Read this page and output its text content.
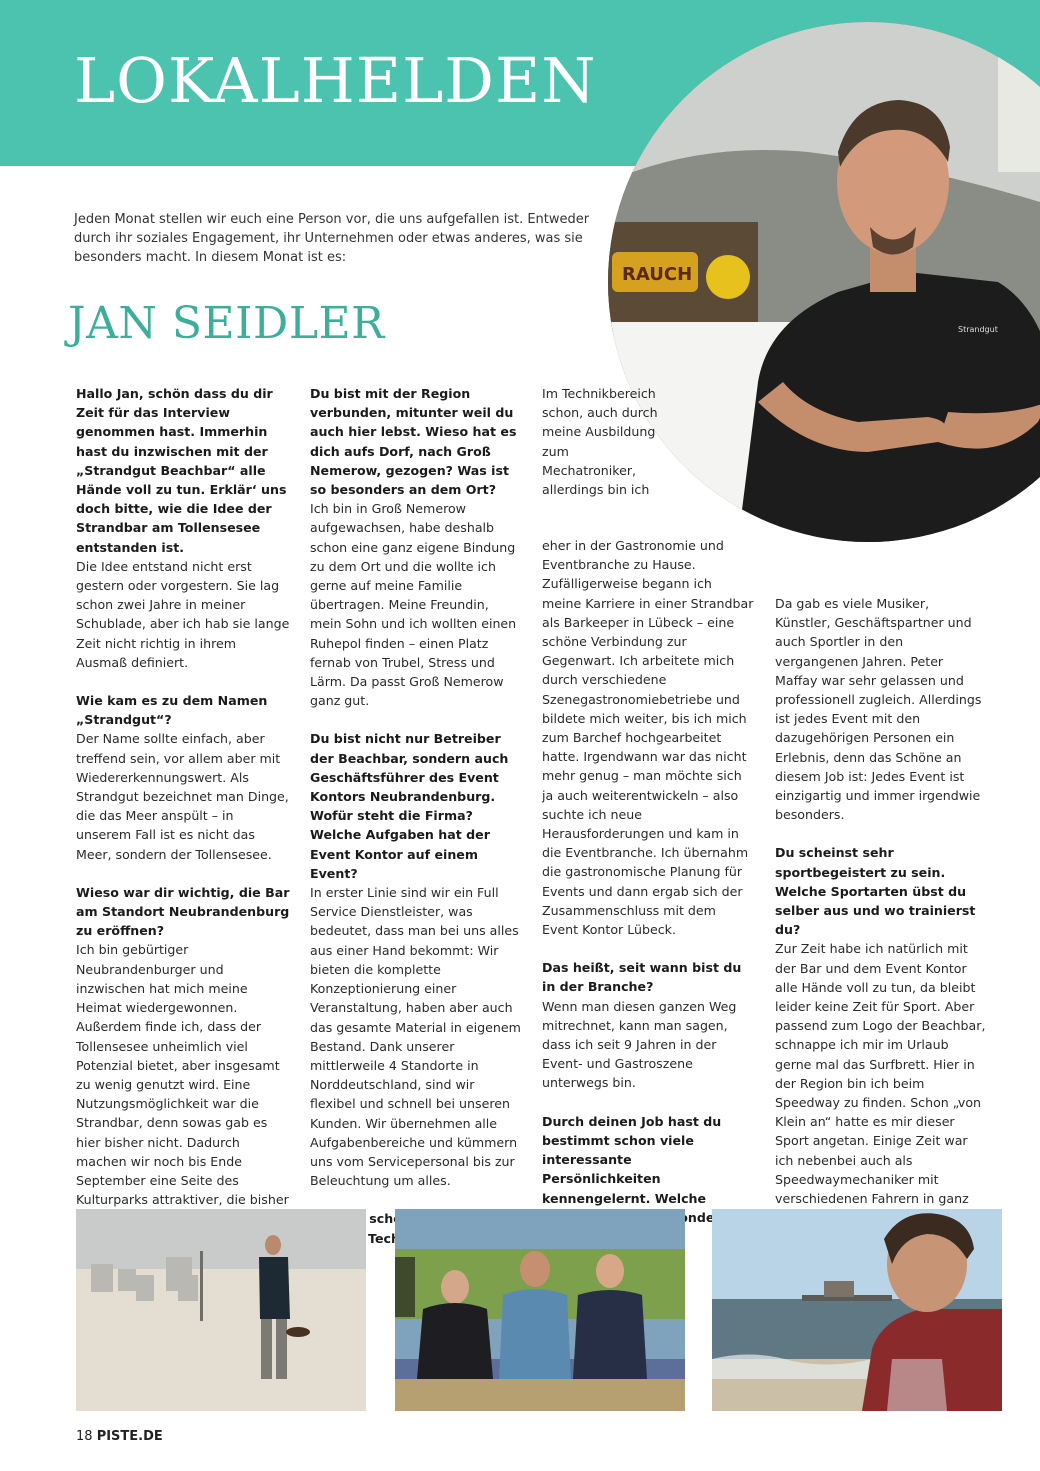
LOKALHELDEN
RAUCH
Strandgut

Jeden Monat stellen wir euch eine Person vor, die uns aufgefallen ist. Entweder durch ihr soziales Engagement, ihr Unternehmen oder etwas anderes, was sie besonders macht. In diesem Monat ist es:

JAN SEIDLER

Hallo Jan, schön dass du dir Zeit für das Interview genommen hast. Immerhin hast du inzwischen mit der „Strandgut Beachbar“ alle Hände voll zu tun. Erklär‘ uns doch bitte, wie die Idee der Strandbar am Tollensesee entstanden ist.

Die Idee entstand nicht erst gestern oder vorgestern. Sie lag schon zwei Jahre in meiner Schublade, aber ich hab sie lange Zeit nicht richtig in ihrem Ausmaß definiert.

Wie kam es zu dem Namen „Strandgut“?

Der Name sollte einfach, aber treffend sein, vor allem aber mit Wiedererkennungswert. Als Strandgut bezeichnet man Dinge, die das Meer anspült – in unserem Fall ist es nicht das Meer, sondern der Tollensesee.

Wieso war dir wichtig, die Bar am Standort Neubrandenburg zu eröffnen?

Ich bin gebürtiger Neubrandenburger und inzwischen hat mich meine Heimat wiedergewonnen. Außerdem finde ich, dass der Tollensesee unheimlich viel Potenzial bietet, aber insgesamt zu wenig genutzt wird. Eine Nutzungsmöglichkeit war die Strandbar, denn sowas gab es hier bisher nicht. Dadurch machen wir noch bis Ende September eine Seite des Kulturparks attraktiver, die bisher

Du bist mit der Region verbunden, mitunter weil du auch hier lebst. Wieso hat es dich aufs Dorf, nach Groß Nemerow, gezogen? Was ist so besonders an dem Ort?

Ich bin in Groß Nemerow aufgewachsen, habe deshalb schon eine ganz eigene Bindung zu dem Ort und die wollte ich gerne auf meine Familie übertragen. Meine Freundin, mein Sohn und ich wollten einen Ruhepol finden – einen Platz fernab von Trubel, Stress und Lärm. Da passt Groß Nemerow ganz gut.

Du bist nicht nur Betreiber der Beachbar, sondern auch Geschäftsführer des Event Kontors Neubrandenburg. Wofür steht die Firma? Welche Aufgaben hat der Event Kontor auf einem Event?

In erster Linie sind wir ein Full Service Dienstleister, was bedeutet, dass man bei uns alles aus einer Hand bekommt: Wir bieten die komplette Konzeptionierung einer Veranstaltung, haben aber auch das gesamte Material in eigenem Bestand. Dank unserer mittlerweile 4 Standorte in Norddeutschland, sind wir flexibel und schnell bei unseren Kunden. Wir übernehmen alle Aufgabenbereiche und kümmern uns vom Servicepersonal bis zur Beleuchtung um alles.

schon Technik

Im Technikbereich schon, auch durch meine Ausbildung zum Mechatroniker, allerdings bin ich

eher in der Gastronomie und Eventbranche zu Hause. Zufälligerweise begann ich meine Karriere in einer Strandbar als Barkeeper in Lübeck – eine schöne Verbindung zur Gegenwart. Ich arbeitete mich durch verschiedene Szenegastronomiebetriebe und bildete mich weiter, bis ich mich zum Barchef hochgearbeitet hatte. Irgendwann war das nicht mehr genug – man möchte sich ja auch weiterentwickeln – also suchte ich neue Herausforderungen und kam in die Eventbranche. Ich übernahm die gastronomische Planung für Events und dann ergab sich der Zusammenschluss mit dem Event Kontor Lübeck.

Das heißt, seit wann bist du in der Branche?

Wenn man diesen ganzen Weg mitrechnet, kann man sagen, dass ich seit 9 Jahren in der Event- und Gastroszene unterwegs bin.

Durch deinen Job hast du bestimmt schon viele interessante Persönlichkeiten kennengelernt. Welche besonders

Da gab es viele Musiker, Künstler, Geschäftspartner und auch Sportler in den vergangenen Jahren. Peter Maffay war sehr gelassen und professionell zugleich. Allerdings ist jedes Event mit den dazugehörigen Personen ein Erlebnis, denn das Schöne an diesem Job ist: Jedes Event ist einzigartig und immer irgendwie besonders.

Du scheinst sehr sportbegeistert zu sein. Welche Sportarten übst du selber aus und wo trainierst du?

Zur Zeit habe ich natürlich mit der Bar und dem Event Kontor alle Hände voll zu tun, da bleibt leider keine Zeit für Sport. Aber passend zum Logo der Beachbar, schnappe ich mir im Urlaub gerne mal das Surfbrett. Hier in der Region bin ich beim Speedway zu finden. Schon „von Klein an“ hatte es mir dieser Sport angetan. Einige Zeit war ich nebenbei auch als Speedwaymechaniker mit verschiedenen Fahrern in ganz

18 PISTE.DE
